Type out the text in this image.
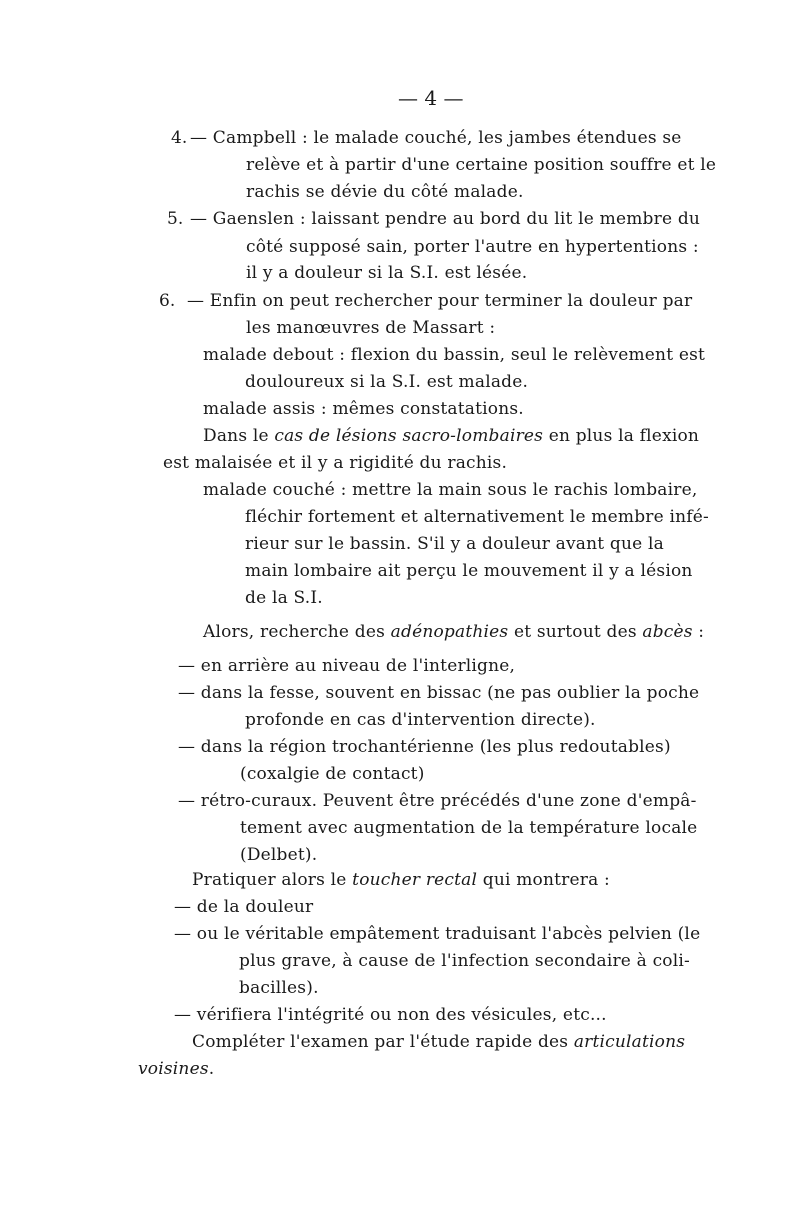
— 4 —
4. — Campbell : le malade couché, les jambes étendues se
relève et à partir d'une certaine position souffre et le
rachis se dévie du côté malade.
5. — Gaenslen : laissant pendre au bord du lit le membre du
côté supposé sain, porter l'autre en hypertentions :
il y a douleur si la S.I. est lésée.
6. — Enfin on peut rechercher pour terminer la douleur par
les manœuvres de Massart :
malade debout : flexion du bassin, seul le relèvement est
douloureux si la S.I. est malade.
malade assis : mêmes constatations.
Dans le cas de lésions sacro-lombaires en plus la flexion
est malaisée et il y a rigidité du rachis.
malade couché : mettre la main sous le rachis lombaire,
fléchir fortement et alternativement le membre infé-
rieur sur le bassin. S'il y a douleur avant que la
main lombaire ait perçu le mouvement il y a lésion
de la S.I.
Alors, recherche des adénopathies et surtout des abcès :
— en arrière au niveau de l'interligne,
— dans la fesse, souvent en bissac (ne pas oublier la poche
profonde en cas d'intervention directe).
— dans la région trochantérienne (les plus redoutables)
(coxalgie de contact)
— rétro-curaux. Peuvent être précédés d'une zone d'empâ-
tement avec augmentation de la température locale
(Delbet).
Pratiquer alors le toucher rectal qui montrera :
— de la douleur
— ou le véritable empâtement traduisant l'abcès pelvien (le
plus grave, à cause de l'infection secondaire à coli-
bacilles).
— vérifiera l'intégrité ou non des vésicules, etc...
Compléter l'examen par l'étude rapide des articulations
voisines.
